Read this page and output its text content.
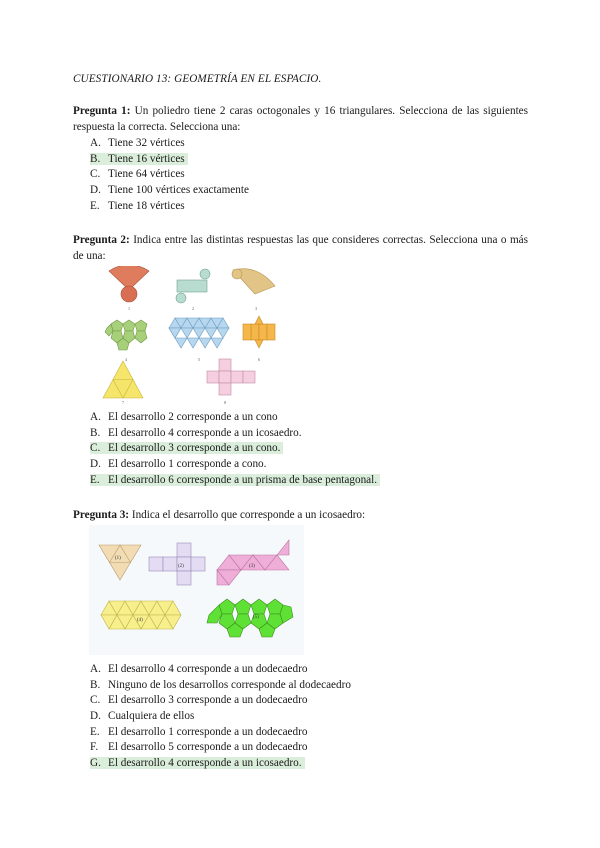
CUESTIONARIO 13: GEOMETRÍA EN EL ESPACIO.
Pregunta 1: Un poliedro tiene 2 caras octogonales y 16 triangulares. Selecciona de las siguientes respuesta la correcta. Selecciona una:
A. Tiene 32 vértices
B. Tiene 16 vértices
C. Tiene 64 vértices
D. Tiene 100 vértices exactamente
E. Tiene 18 vértices
Pregunta 2: Indica entre las distintas respuestas las que consideres correctas. Selecciona una o más de una:
1	2	3
4	5	6
7	8
A. El desarrollo 2 corresponde a un cono
B. El desarrollo 4 corresponde a un icosaedro.
C. El desarrollo 3 corresponde a un cono.
D. El desarrollo 1 corresponde a cono.
E. El desarrollo 6 corresponde a un prisma de base pentagonal.
Pregunta 3: Indica el desarrollo que corresponde a un icosaedro:
(1)
(2)	(3)
(4)
(5)
A. El desarrollo 4 corresponde a un dodecaedro
B. Ninguno de los desarrollos corresponde al dodecaedro
C. El desarrollo 3 corresponde a un dodecaedro
D. Cualquiera de ellos
E. El desarrollo 1 corresponde a un dodecaedro
F. El desarrollo 5 corresponde a un dodecaedro
G. El desarrollo 4 corresponde a un icosaedro.
